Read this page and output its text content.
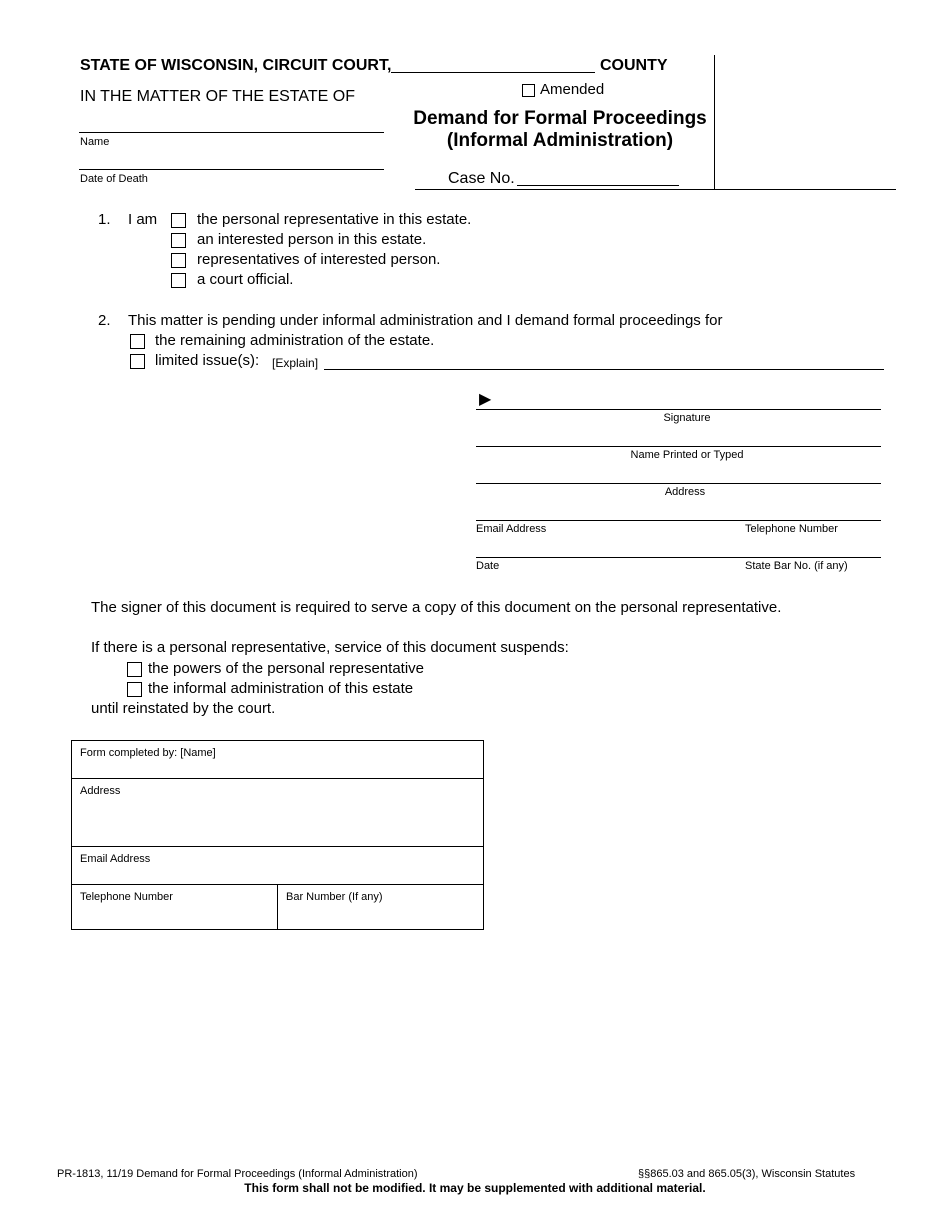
STATE OF WISCONSIN, CIRCUIT COURT,	COUNTY
IN THE MATTER OF THE ESTATE OF
Name
Date of Death
Amended
Demand for Formal Proceedings
(Informal Administration)
Case No.
1. I am	the personal representative in this estate.
an interested person in this estate.
representatives of interested person.
a court official.
2. This matter is pending under informal administration and I demand formal proceedings for
the remaining administration of the estate.
limited issue(s): [Explain]
▶
Signature
Name Printed or Typed
Address
Email Address	Telephone Number
Date	State Bar No. (if any)
The signer of this document is required to serve a copy of this document on the personal representative.
If there is a personal representative, service of this document suspends:
the powers of the personal representative
the informal administration of this estate
until reinstated by the court.
Form completed by: [Name]
Address
Email Address
Telephone Number	Bar Number (If any)
PR-1813, 11/19 Demand for Formal Proceedings (Informal Administration)	§§865.03 and 865.05(3), Wisconsin Statutes
This form shall not be modified. It may be supplemented with additional material.
